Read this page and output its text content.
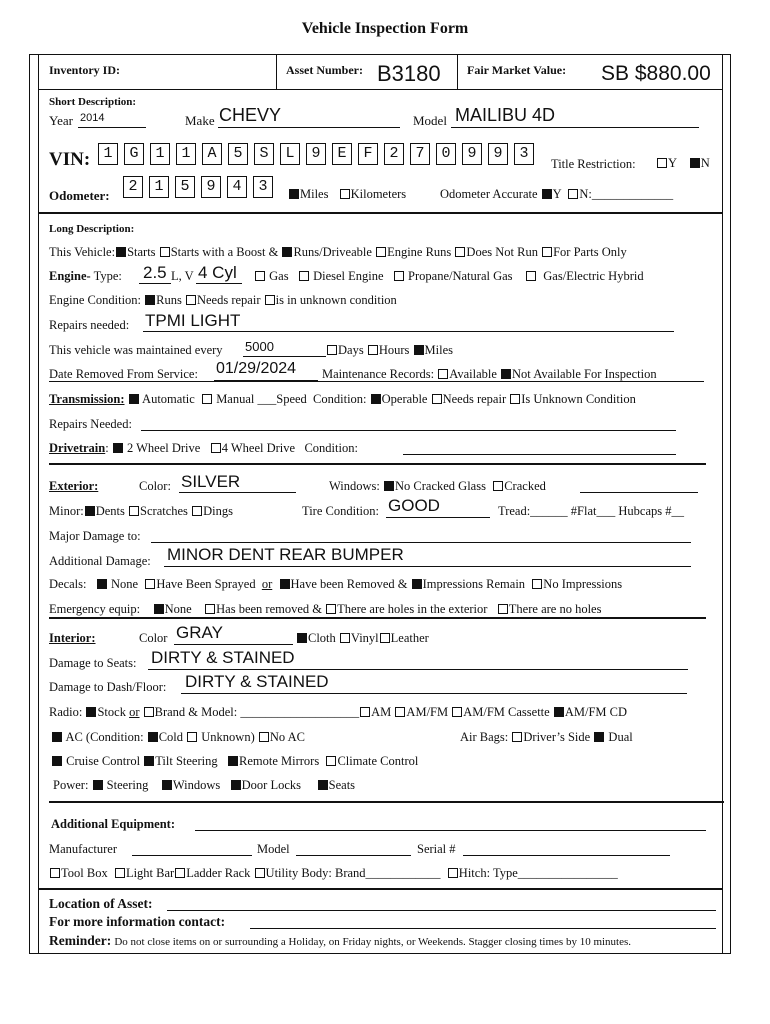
Vehicle Inspection Form
Inventory ID:	Asset Number: B3180 Fair Market Value: SB $880.00
Short Description:
Year 2014	Make CHEVY	Model MAILIBU 4D
VIN: 1	G	1	1	A	5	S	L	9	E	F	2	7	0	9	9	3
Title Restriction:	Y N
Odometer:
2	1	5	9	4	3	Miles Kilometers	Odometer Accurate Y N:_____________
Long Description:
This Vehicle: Starts Starts with a Boost & Runs/Driveable Engine Runs Does Not Run For Parts Only
Engine- Type: 2.5 L, V 4 Cyl	Gas Diesel Engine Propane/Natural Gas Gas/Electric Hybrid
Engine Condition: Runs Needs repair is in unknown condition
Repairs needed: TPMI LIGHT
This vehicle was maintained every 5000	Days Hours Miles
Date Removed From Service: 01/29/2024 Maintenance Records: Available Not Available For Inspection
Transmission: Automatic Manual ___Speed Condition: Operable Needs repair Is Unknown Condition
Repairs Needed:
Drivetrain:  2 Wheel Drive 4 Wheel Drive Condition:
Exterior:	Color: SILVER	Windows: No Cracked Glass Cracked
Minor: Dents Scratches Dings	Tire Condition: GOOD	Tread:______ #Flat___ Hubcaps #__
Major Damage to:
Additional Damage: MINOR DENT REAR BUMPER
Decals: None Have Been Sprayed or Have been Removed & Impressions Remain No Impressions
Emergency equip: None Has been removed & There are holes in the exterior There are no holes
Interior:	Color GRAY	Cloth Vinyl Leather
Damage to Seats: DIRTY & STAINED
Damage to Dash/Floor: DIRTY & STAINED
Radio: Stock or Brand & Model: ___________________ AM AM/FM AM/FM Cassette AM/FM CD
AC (Condition: Cold Unknown) No AC	Air Bags: Driver’s Side Dual
Cruise Control Tilt Steering Remote Mirrors Climate Control
Power: Steering Windows Door Locks Seats
Additional Equipment:
Manufacturer	Model	Serial #
Tool Box Light Bar Ladder Rack Utility Body: Brand____________ Hitch: Type________________
Location of Asset:
For more information contact:
Reminder: Do not close items on or surrounding a Holiday, on Friday nights, or Weekends. Stagger closing times by 10 minutes.
